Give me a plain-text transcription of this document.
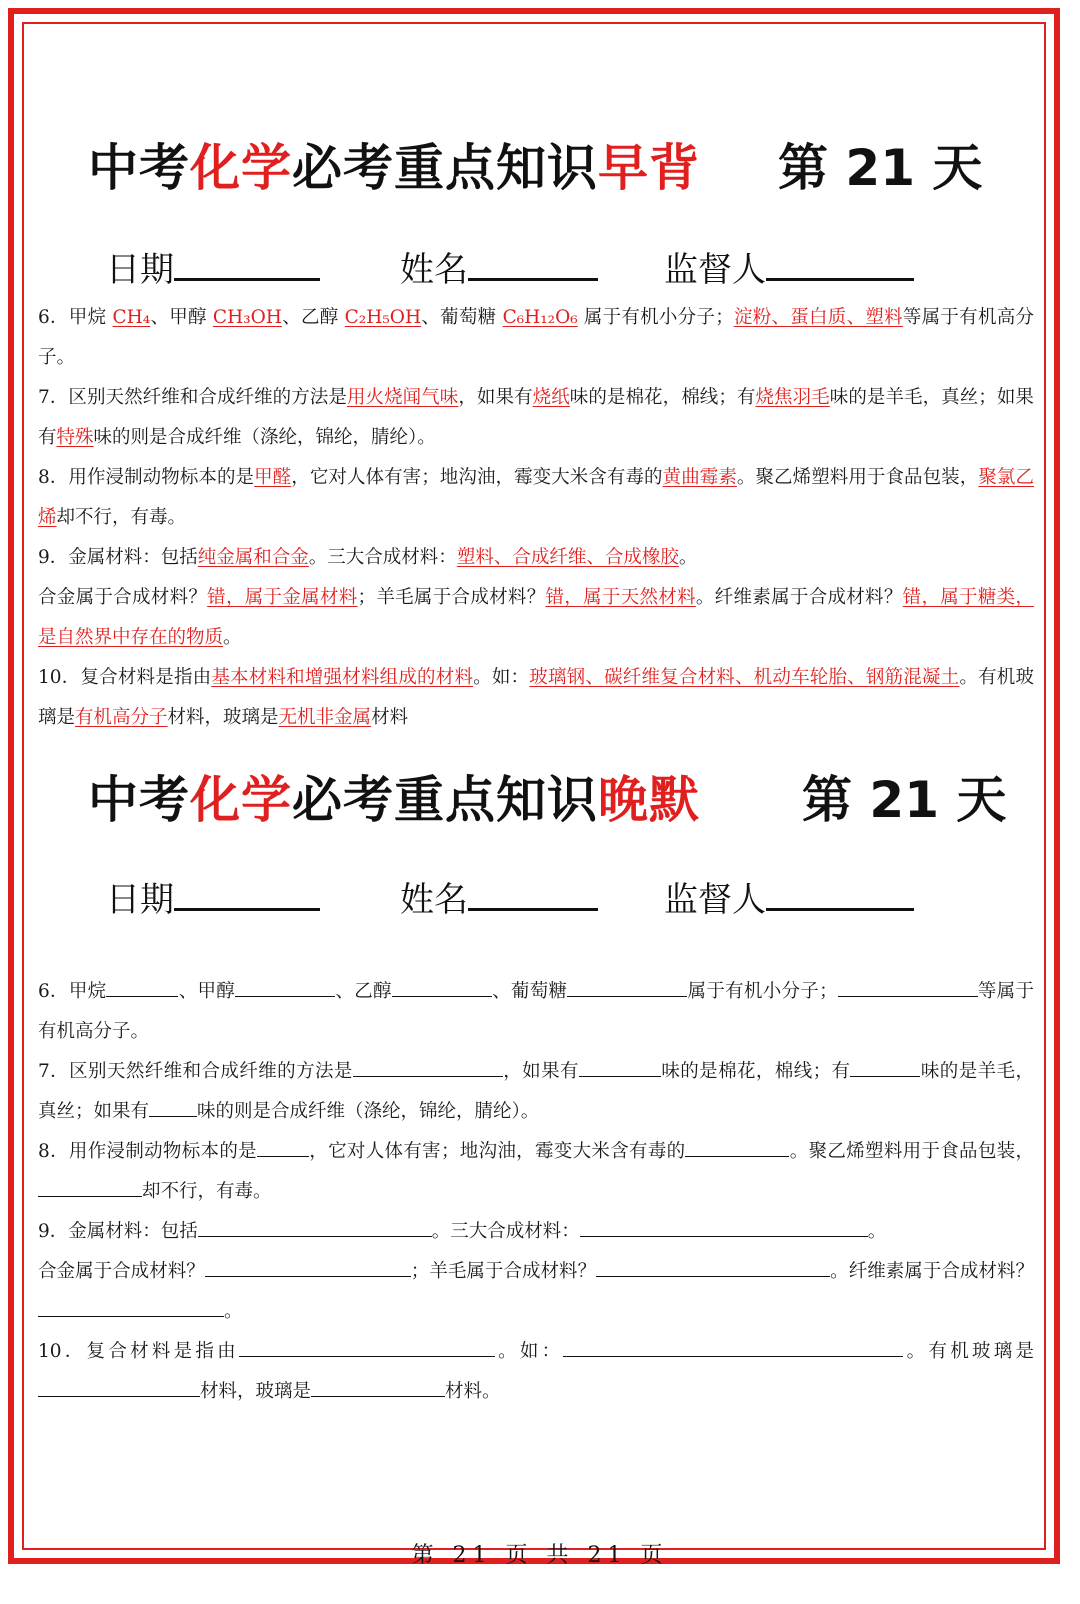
中考化学必考重点知识早背 第 21 天
日期	姓名	监督人

6．甲烷 CH₄、甲醇 CH₃OH、乙醇 C₂H₅OH、葡萄糖 C₆H₁₂O₆ 属于有机小分子；淀粉、蛋白质、塑料等属于有机高分子。

7．区别天然纤维和合成纤维的方法是用火烧闻气味，如果有烧纸味的是棉花，棉线；有烧焦羽毛味的是羊毛，真丝；如果有特殊味的则是合成纤维（涤纶，锦纶，腈纶）。

8．用作浸制动物标本的是甲醛，它对人体有害；地沟油，霉变大米含有毒的黄曲霉素。聚乙烯塑料用于食品包装，聚氯乙烯却不行，有毒。

9．金属材料：包括纯金属和合金。三大合成材料：塑料、合成纤维、合成橡胶。

合金属于合成材料？错，属于金属材料；羊毛属于合成材料？错，属于天然材料。纤维素属于合成材料？错，属于糖类，是自然界中存在的物质。

10．复合材料是指由基本材料和增强材料组成的材料。如：玻璃钢、碳纤维复合材料、机动车轮胎、钢筋混凝土。有机玻璃是有机高分子材料，玻璃是无机非金属材料

中考化学必考重点知识晚默 第 21 天
日期	姓名	监督人

6．甲烷	、甲醇	、乙醇	、葡萄糖	属于有机小分子；	等属于有机高分子。

7．区别天然纤维和合成纤维的方法是	，如果有	味的是棉花，棉线；有	味的是羊毛，真丝；如果有	味的则是合成纤维（涤纶，锦纶，腈纶）。

8．用作浸制动物标本的是	，它对人体有害；地沟油，霉变大米含有毒的	。聚乙烯塑料用于食品包装，却不行，有毒。

9．金属材料：包括	。三大合成材料：	。

合金属于合成材料？	；羊毛属于合成材料？	。纤维素属于合成材料？。

10．复合材料是指由	。如：	。有机玻璃是材料，玻璃是	材料。

第 21 页 共 21 页
